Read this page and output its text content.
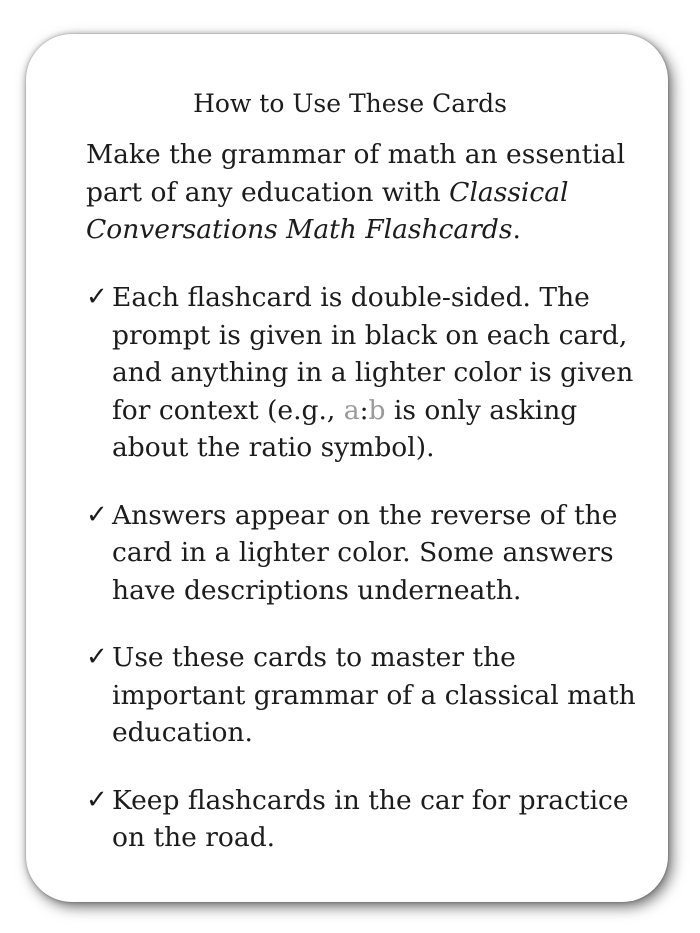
How to Use These Cards

Make the grammar of math an essential part of any education with Classical Conversations Math Flashcards.

✓ Each flashcard is double-sided. The prompt is given in black on each card, and anything in a lighter color is given for context (e.g., a:b is only asking about the ratio symbol).
✓ Answers appear on the reverse of the card in a lighter color. Some answers have descriptions underneath.
✓ Use these cards to master the important grammar of a classical math education.
✓ Keep flashcards in the car for practice on the road.
